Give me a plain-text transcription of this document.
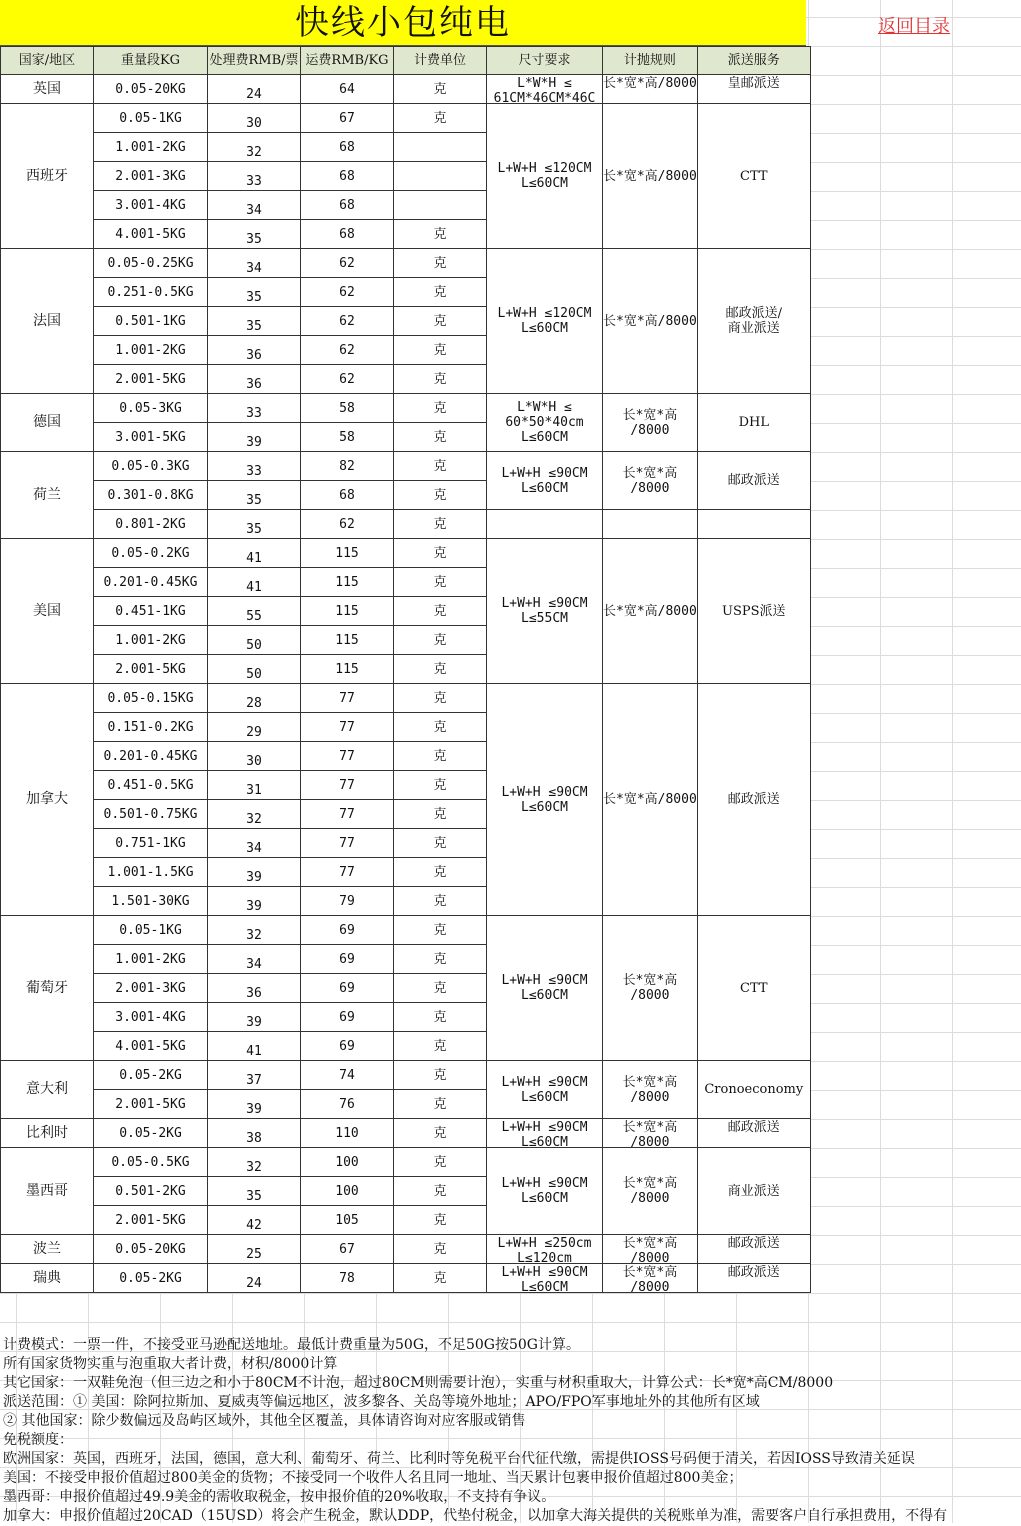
快线小包纯电	返回目录
国家/地区	重量段KG	处理费RMB/票	运费RMB/KG	计费单位	尺寸要求	计抛规则	派送服务
英国	0.05-20KG	24	64	克	L*W*H ≤
61CM*46CM*46C	长*宽*高/8000	皇邮派送

西班牙	0.05-1KG	30	67	克	L+W+H ≤120CM
L≤60CM	长*宽*高/8000	CTT
	1.001-2KG	32	68				
	2.001-3KG	33	68				
	3.001-4KG	34	68				
	4.001-5KG	35	68	克			
法国	0.05-0.25KG	34	62	克	L+W+H ≤120CM
L≤60CM	长*宽*高/8000	邮政派送/
商业派送
	0.251-0.5KG	35	62	克			
	0.501-1KG	35	62	克			
	1.001-2KG	36	62	克			
	2.001-5KG	36	62	克			
德国	0.05-3KG	33	58	克	L*W*H ≤
60*50*40cm
L≤60CM	长*宽*高
/8000	DHL
	3.001-5KG	39	58	克			
荷兰	0.05-0.3KG	33	82	克	L+W+H ≤90CM
L≤60CM	长*宽*高
/8000	邮政派送
	0.301-0.8KG	35	68	克			
	0.801-2KG	35	62	克			
美国	0.05-0.2KG	41	115	克	L+W+H ≤90CM
L≤55CM	长*宽*高/8000	USPS派送
	0.201-0.45KG	41	115	克			
	0.451-1KG	55	115	克			
	1.001-2KG	50	115	克			
	2.001-5KG	50	115	克			
加拿大	0.05-0.15KG	28	77	克	L+W+H ≤90CM
L≤60CM	长*宽*高/8000	邮政派送
	0.151-0.2KG	29	77	克			
	0.201-0.45KG	30	77	克			
	0.451-0.5KG	31	77	克			
	0.501-0.75KG	32	77	克			
	0.751-1KG	34	77	克			
	1.001-1.5KG	39	77	克			
	1.501-30KG	39	79	克			
葡萄牙	0.05-1KG	32	69	克	L+W+H ≤90CM
L≤60CM	长*宽*高
/8000	CTT
	1.001-2KG	34	69	克			
	2.001-3KG	36	69	克			
	3.001-4KG	39	69	克			
	4.001-5KG	41	69	克			
意大利	0.05-2KG	37	74	克	L+W+H ≤90CM
L≤60CM	长*宽*高
/8000	Cronoeconomy
	2.001-5KG	39	76	克			
比利时	0.05-2KG	38	110	克	L+W+H ≤90CM
L≤60CM	长*宽*高
/8000	邮政派送

墨西哥	0.05-0.5KG	32	100	克	L+W+H ≤90CM
L≤60CM	长*宽*高
/8000	商业派送
	0.501-2KG	35	100	克			
	2.001-5KG	42	105	克			
波兰	0.05-20KG	25	67	克	L+W+H ≤250cm
L≤120cm	长*宽*高
/8000	邮政派送

瑞典	0.05-2KG	24	78	克	L+W+H ≤90CM
L≤60CM	长*宽*高
/8000	邮政派送
计费模式：一票一件，不接受亚马逊配送地址。最低计费重量为50G，不足50G按50G计算。
所有国家货物实重与泡重取大者计费，材积/8000计算
其它国家：一双鞋免泡（但三边之和小于80CM不计泡，超过80CM则需要计泡），实重与材积重取大，计算公式：长*宽*高CM/8000
派送范围：① 美国：除阿拉斯加、夏威夷等偏远地区，波多黎各、关岛等境外地址；APO/FPO军事地址外的其他所有区域
② 其他国家：除少数偏远及岛屿区域外，其他全区覆盖，具体请咨询对应客服或销售
免税额度：
欧洲国家：英国，西班牙，法国，德国，意大利、葡萄牙、荷兰、比利时等免税平台代征代缴，需提供IOSS号码便于清关，若因IOSS导致清关延误
美国：不接受申报价值超过800美金的货物；不接受同一个收件人名且同一地址、当天累计包裹申报价值超过800美金；
墨西哥：申报价值超过49.9美金的需收取税金，按申报价值的20%收取，不支持有争议。
加拿大：申报价值超过20CAD（15USD）将会产生税金，默认DDP，代垫付税金，以加拿大海关提供的关税账单为准，需要客户自行承担费用，不得有
